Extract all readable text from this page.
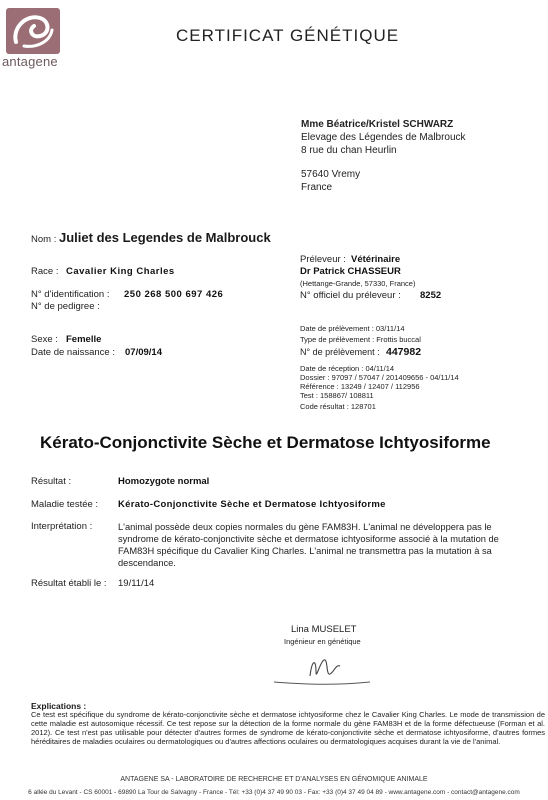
antagene
CERTIFICAT GÉNÉTIQUE
Mme Béatrice/Kristel SCHWARZ
Elevage des Légendes de Malbrouck
8 rue du chan Heurlin
57640 Vremy
France
Nom : Juliet des Legendes de Malbrouck
Race : Cavalier King Charles
N° d'identification : 250 268 500 697 426
N° de pedigree :
Sexe : Femelle
Date de naissance : 07/09/14
Préleveur : Vétérinaire
Dr Patrick CHASSEUR
(Hettange-Grande, 57330, France)
N° officiel du préleveur : 8252
Date de prélèvement : 03/11/14
Type de prélèvement : Frottis buccal
N° de prélèvement : 447982
Date de réception : 04/11/14
Dossier : 97097 / 57047 / 201409656 - 04/11/14
Référence : 13249 / 12407 / 112956
Test : 158867/ 108811
Code résultat : 128701
Kérato-Conjonctivite Sèche et Dermatose Ichtyosiforme
Résultat :	Homozygote normal
Maladie testée : Kérato-Conjonctivite Sèche et Dermatose Ichtyosiforme
Interprétation :	L'animal possède deux copies normales du gène FAM83H. L'animal ne développera pas le syndrome de kérato-conjonctivite sèche et dermatose ichtyosiforme associé à la mutation de FAM83H spécifique du Cavalier King Charles. L'animal ne transmettra pas la mutation à sa descendance.
Résultat établi le : 19/11/14
Lina MUSELET
Ingénieur en génétique
Explications :
Ce test est spécifique du syndrome de kérato-conjonctivite sèche et dermatose ichtyosiforme chez le Cavalier King Charles. Le mode de transmission de cette maladie est autosomique récessif. Ce test repose sur la détection de la forme normale du gène FAM83H et de la forme défectueuse (Forman et al. 2012). Ce test n'est pas utilisable pour détecter d'autres formes de syndrome de kérato-conjonctivite sèche et dermatose ichtyosiforme, d'autres formes héréditaires de maladies oculaires ou dermatologiques ou d'autres affections oculaires ou dermatologiques acquises durant la vie de l'animal.
ANTAGENE SA - LABORATOIRE DE RECHERCHE ET D'ANALYSES EN GÉNOMIQUE ANIMALE
6 allée du Levant - CS 60001 - 69890 La Tour de Salvagny - France - Tél: +33 (0)4 37 49 90 03 - Fax: +33 (0)4 37 49 04 89 - www.antagene.com - contact@antagene.com
